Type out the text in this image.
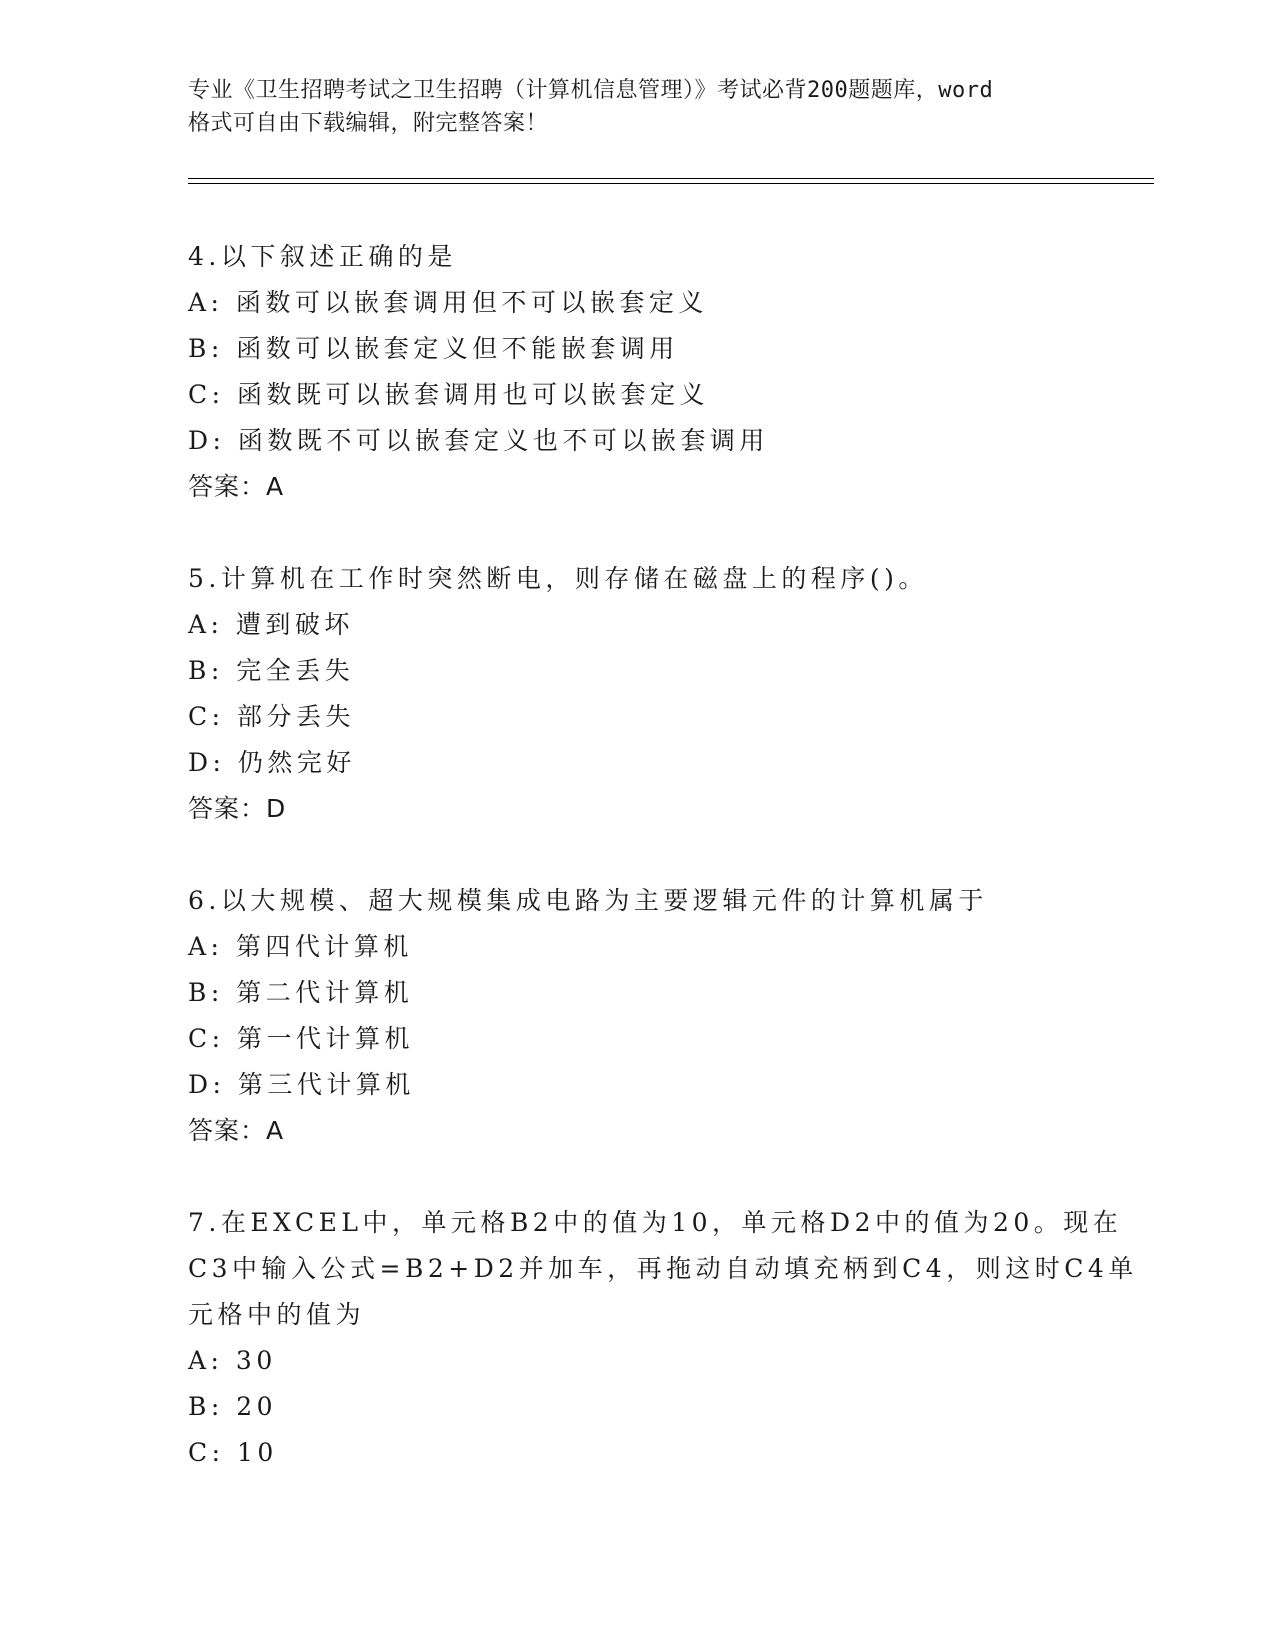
专业《卫生招聘考试之卫生招聘（计算机信息管理）》考试必背200题题库，word
格式可自由下载编辑，附完整答案！
4.以下叙述正确的是
A: 函数可以嵌套调用但不可以嵌套定义
B: 函数可以嵌套定义但不能嵌套调用
C: 函数既可以嵌套调用也可以嵌套定义
D: 函数既不可以嵌套定义也不可以嵌套调用
答案：A
5.计算机在工作时突然断电，则存储在磁盘上的程序()。
A: 遭到破坏
B: 完全丢失
C: 部分丢失
D: 仍然完好
答案：D
6.以大规模、超大规模集成电路为主要逻辑元件的计算机属于
A: 第四代计算机
B: 第二代计算机
C: 第一代计算机
D: 第三代计算机
答案：A
7.在EXCEL中，单元格B2中的值为10，单元格D2中的值为20。现在
C3中输入公式=B2+D2并加车，再拖动自动填充柄到C4，则这时C4单
元格中的值为
A: 30
B: 20
C: 10
